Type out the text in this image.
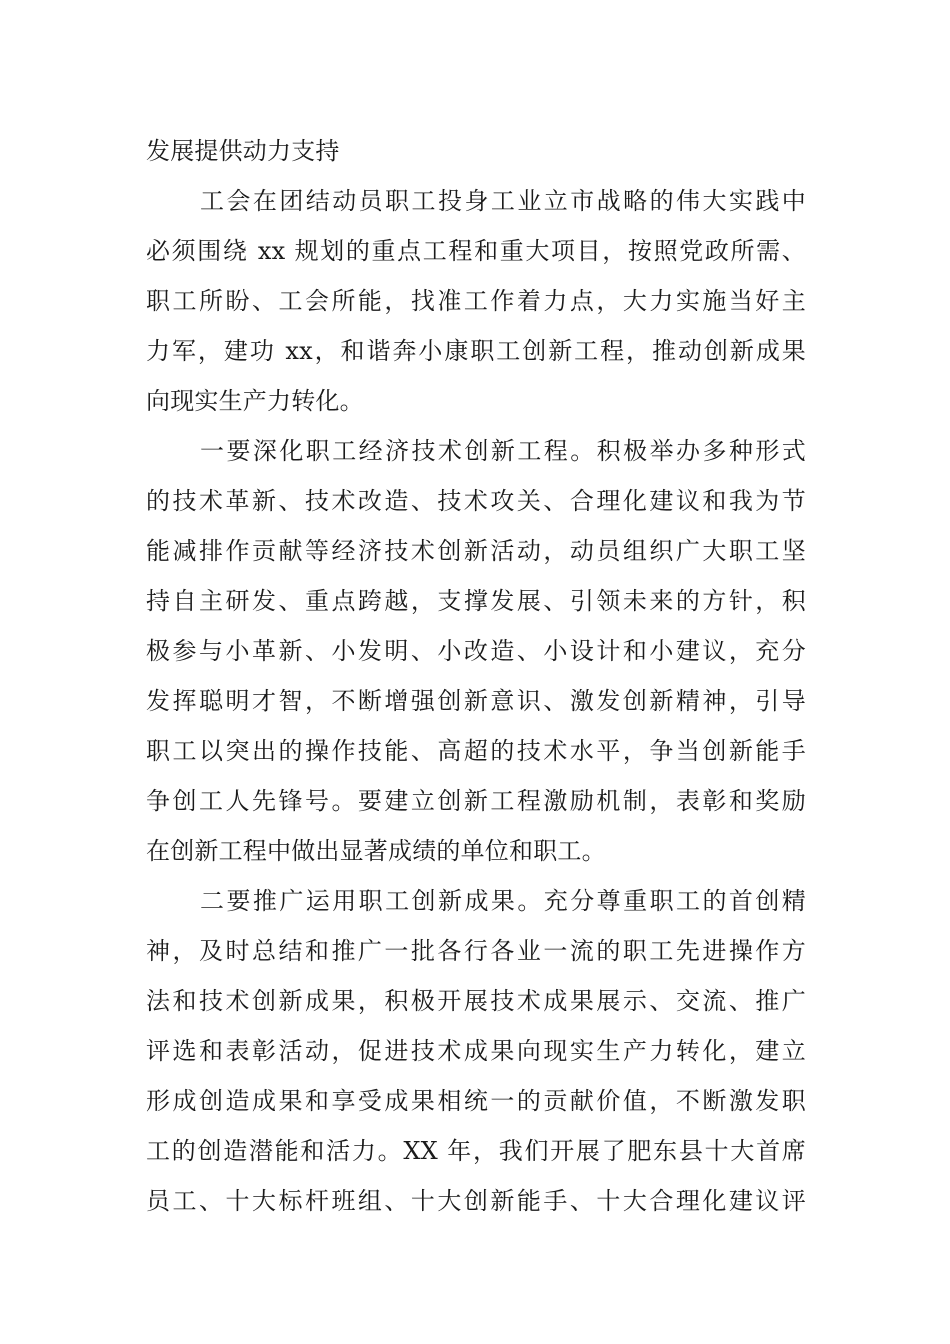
发展提供动力支持
工会在团结动员职工投身工业立市战略的伟大实践中
必须围绕 xx 规划的重点工程和重大项目，按照党政所需、
职工所盼、工会所能，找准工作着力点，大力实施当好主
力军，建功 xx，和谐奔小康职工创新工程，推动创新成果
向现实生产力转化。
一要深化职工经济技术创新工程。积极举办多种形式
的技术革新、技术改造、技术攻关、合理化建议和我为节
能减排作贡献等经济技术创新活动，动员组织广大职工坚
持自主研发、重点跨越，支撑发展、引领未来的方针，积
极参与小革新、小发明、小改造、小设计和小建议，充分
发挥聪明才智，不断增强创新意识、激发创新精神，引导
职工以突出的操作技能、高超的技术水平，争当创新能手
争创工人先锋号。要建立创新工程激励机制，表彰和奖励
在创新工程中做出显著成绩的单位和职工。
二要推广运用职工创新成果。充分尊重职工的首创精
神，及时总结和推广一批各行各业一流的职工先进操作方
法和技术创新成果，积极开展技术成果展示、交流、推广
评选和表彰活动，促进技术成果向现实生产力转化，建立
形成创造成果和享受成果相统一的贡献价值，不断激发职
工的创造潜能和活力。XX 年，我们开展了肥东县十大首席
员工、十大标杆班组、十大创新能手、十大合理化建议评
